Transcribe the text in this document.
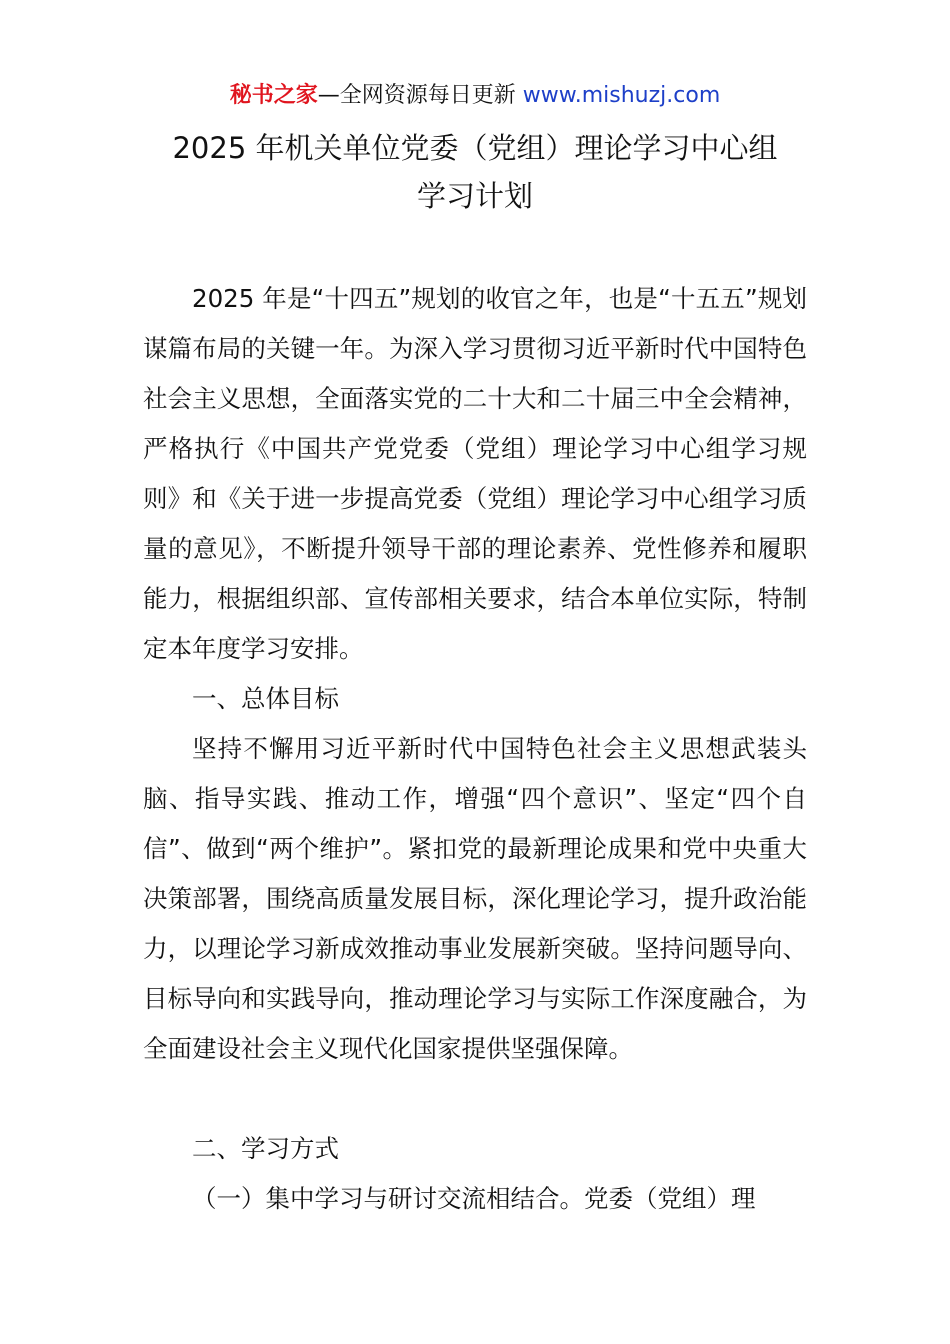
秘书之家—全网资源每日更新 www.mishuzj.com
2025 年机关单位党委（党组）理论学习中心组
学习计划

2025 年是“十四五”规划的收官之年，也是“十五五”规划谋篇布局的关键一年。为深入学习贯彻习近平新时代中国特色社会主义思想，全面落实党的二十大和二十届三中全会精神，严格执行《中国共产党党委（党组）理论学习中心组学习规则》和《关于进一步提高党委（党组）理论学习中心组学习质量的意见》，不断提升领导干部的理论素养、党性修养和履职能力，根据组织部、宣传部相关要求，结合本单位实际，特制定本年度学习安排。

一、总体目标

坚持不懈用习近平新时代中国特色社会主义思想武装头脑、指导实践、推动工作，增强“四个意识”、坚定“四个自信”、做到“两个维护”。紧扣党的最新理论成果和党中央重大决策部署，围绕高质量发展目标，深化理论学习，提升政治能力，以理论学习新成效推动事业发展新突破。坚持问题导向、目标导向和实践导向，推动理论学习与实际工作深度融合，为全面建设社会主义现代化国家提供坚强保障。

二、学习方式

（一）集中学习与研讨交流相结合。党委（党组）理
